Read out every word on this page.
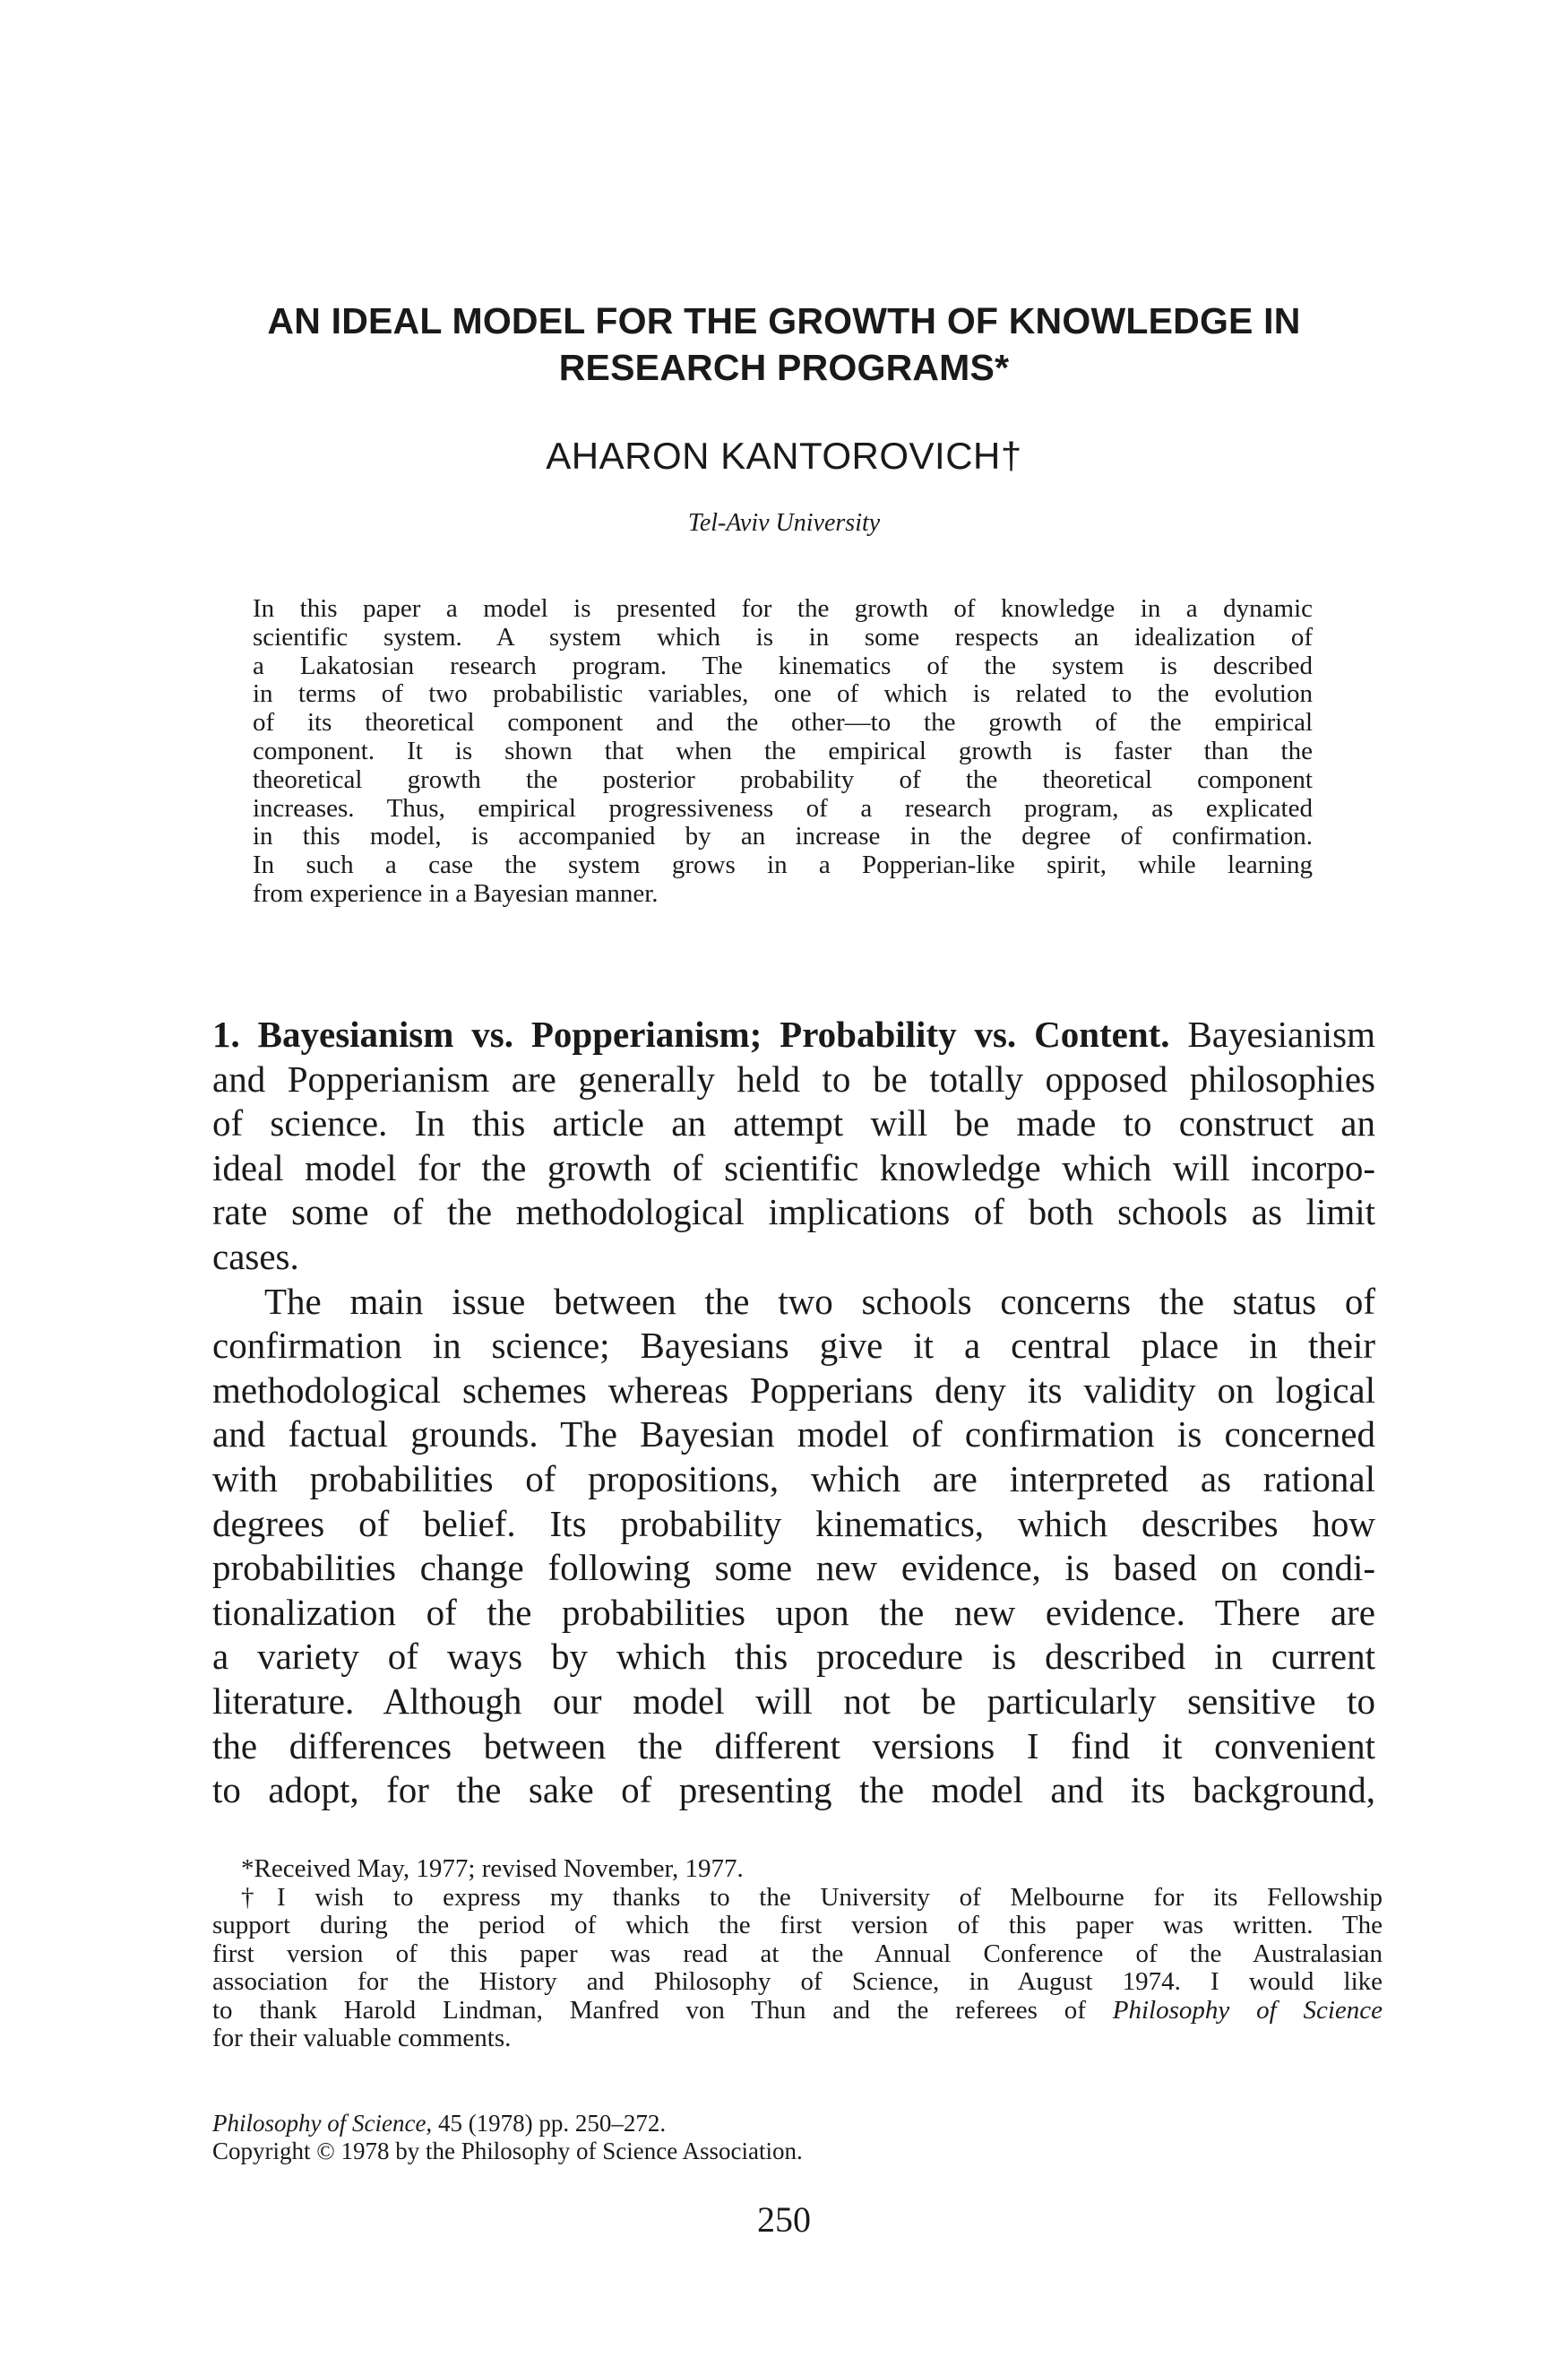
AN IDEAL MODEL FOR THE GROWTH OF KNOWLEDGE IN
RESEARCH PROGRAMS*
AHARON KANTOROVICH†
Tel-Aviv University
In this paper a model is presented for the growth of knowledge in a dynamic
scientific system. A system which is in some respects an idealization of
a Lakatosian research program. The kinematics of the system is described
in terms of two probabilistic variables, one of which is related to the evolution
of its theoretical component and the other—to the growth of the empirical
component. It is shown that when the empirical growth is faster than the
theoretical growth the posterior probability of the theoretical component
increases. Thus, empirical progressiveness of a research program, as explicated
in this model, is accompanied by an increase in the degree of confirmation.
In such a case the system grows in a Popperian-like spirit, while learning
from experience in a Bayesian manner.
1. Bayesianism vs. Popperianism; Probability vs. Content. Bayesianism
and Popperianism are generally held to be totally opposed philosophies
of science. In this article an attempt will be made to construct an
ideal model for the growth of scientific knowledge which will incorpo-
rate some of the methodological implications of both schools as limit
cases.
The main issue between the two schools concerns the status of
confirmation in science; Bayesians give it a central place in their
methodological schemes whereas Popperians deny its validity on logical
and factual grounds. The Bayesian model of confirmation is concerned
with probabilities of propositions, which are interpreted as rational
degrees of belief. Its probability kinematics, which describes how
probabilities change following some new evidence, is based on condi-
tionalization of the probabilities upon the new evidence. There are
a variety of ways by which this procedure is described in current
literature. Although our model will not be particularly sensitive to
the differences between the different versions I find it convenient
to adopt, for the sake of presenting the model and its background,
*Received May, 1977; revised November, 1977.
†I wish to express my thanks to the University of Melbourne for its Fellowship
support during the period of which the first version of this paper was written. The
first version of this paper was read at the Annual Conference of the Australasian
association for the History and Philosophy of Science, in August 1974. I would like
to thank Harold Lindman, Manfred von Thun and the referees of Philosophy of Science
for their valuable comments.
Philosophy of Science, 45 (1978) pp. 250–272.
Copyright © 1978 by the Philosophy of Science Association.
250
